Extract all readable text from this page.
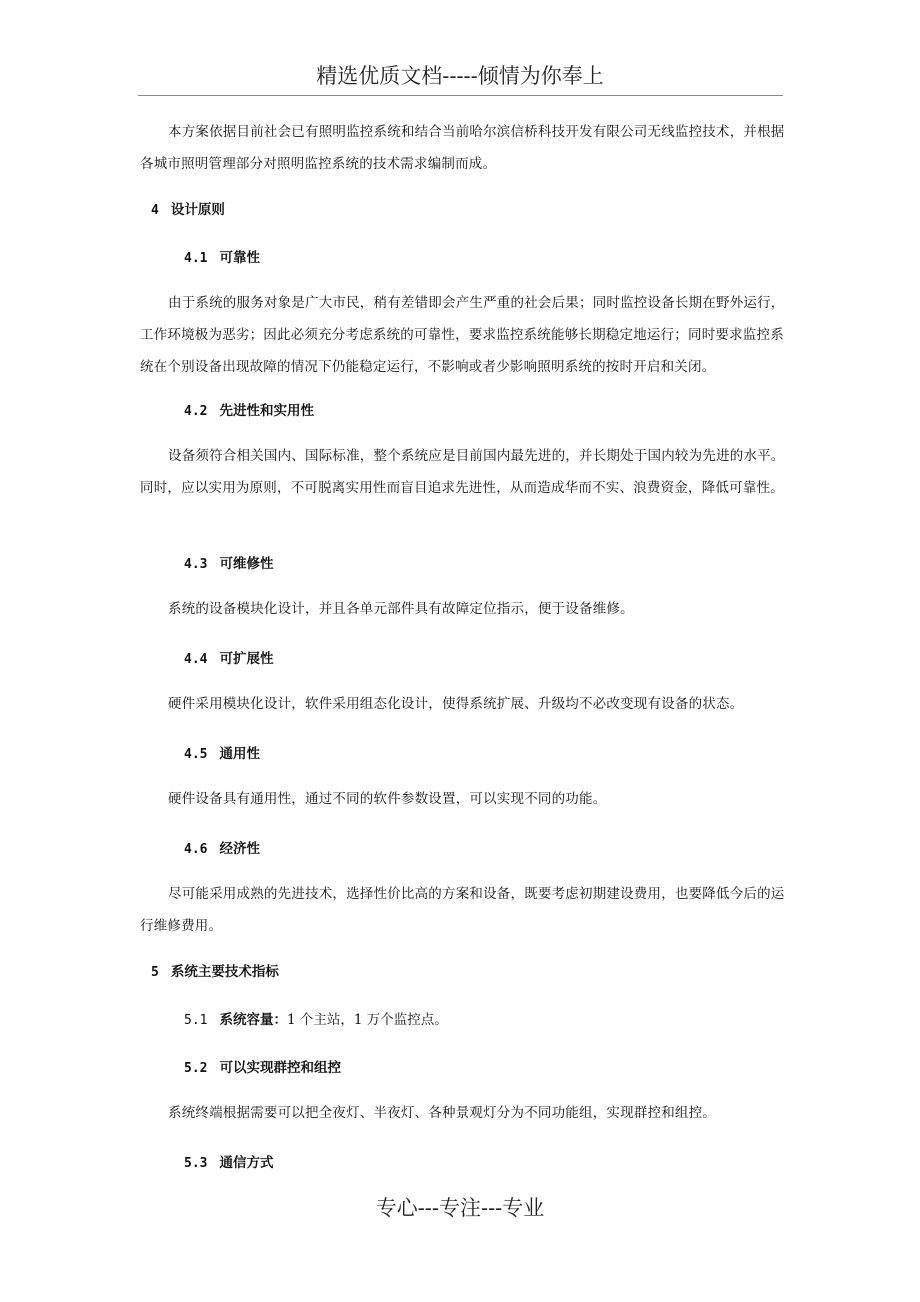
精选优质文档-----倾情为你奉上

本方案依据目前社会已有照明监控系统和结合当前哈尔滨信桥科技开发有限公司无线监控技术，并根据各城市照明管理部分对照明监控系统的技术需求编制而成。

4 设计原则
4.1 可靠性

由于系统的服务对象是广大市民，稍有差错即会产生严重的社会后果；同时监控设备长期在野外运行，工作环境极为恶劣；因此必须充分考虑系统的可靠性，要求监控系统能够长期稳定地运行；同时要求监控系统在个别设备出现故障的情况下仍能稳定运行，不影响或者少影响照明系统的按时开启和关闭。

4.2 先进性和实用性

设备须符合相关国内、国际标准，整个系统应是目前国内最先进的，并长期处于国内较为先进的水平。同时，应以实用为原则，不可脱离实用性而盲目追求先进性，从而造成华而不实、浪费资金，降低可靠性。

4.3 可维修性

系统的设备模块化设计，并且各单元部件具有故障定位指示，便于设备维修。

4.4 可扩展性

硬件采用模块化设计，软件采用组态化设计，使得系统扩展、升级均不必改变现有设备的状态。

4.5 通用性

硬件设备具有通用性，通过不同的软件参数设置，可以实现不同的功能。

4.6 经济性

尽可能采用成熟的先进技术，选择性价比高的方案和设备，既要考虑初期建设费用，也要降低今后的运行维修费用。

5 系统主要技术指标
5.1 系统容量：1 个主站，1 万个监控点。
5.2 可以实现群控和组控

系统终端根据需要可以把全夜灯、半夜灯、各种景观灯分为不同功能组，实现群控和组控。

5.3 通信方式
专心---专注---专业
